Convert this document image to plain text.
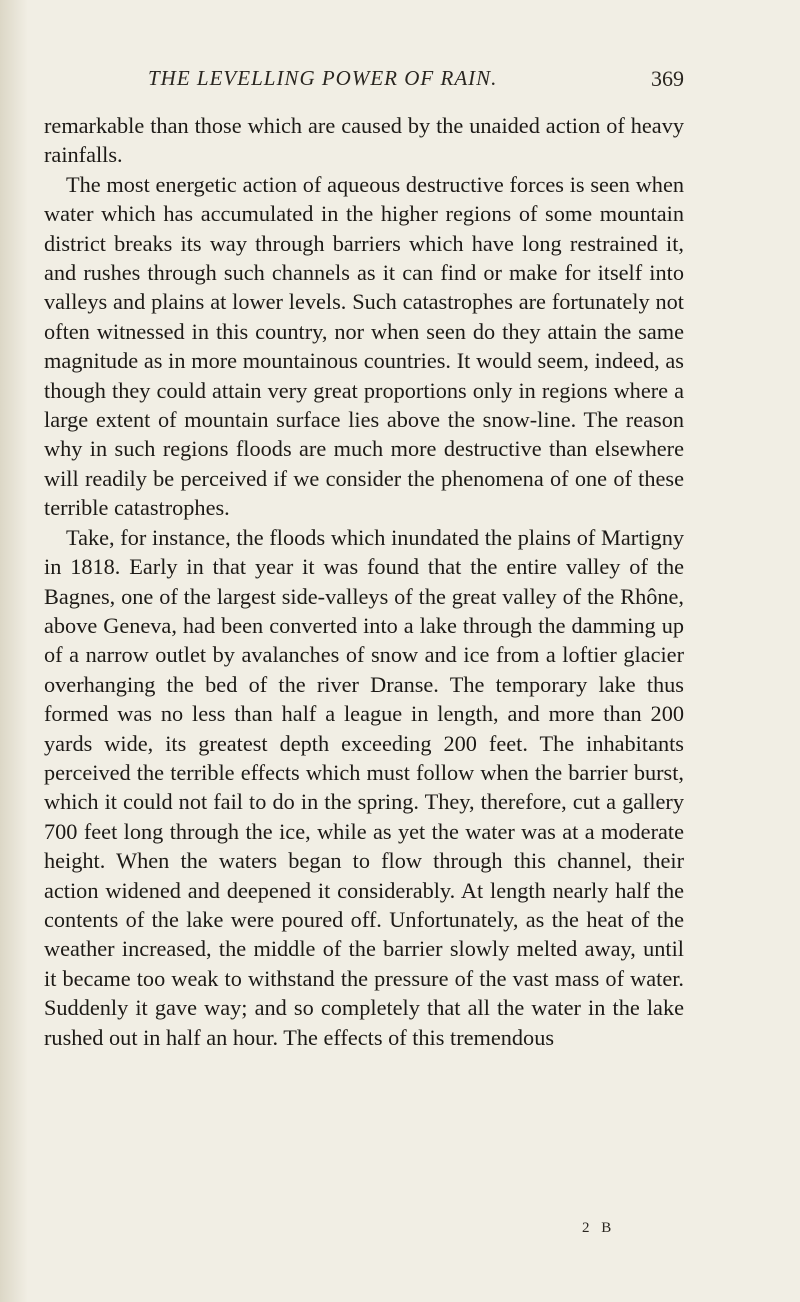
THE LEVELLING POWER OF RAIN.	369

remarkable than those which are caused by the unaided action of heavy rainfalls.

The most energetic action of aqueous destructive forces is seen when water which has accumulated in the higher regions of some mountain district breaks its way through barriers which have long restrained it, and rushes through such channels as it can find or make for itself into valleys and plains at lower levels. Such catastrophes are fortunately not often witnessed in this country, nor when seen do they attain the same magnitude as in more mountainous countries. It would seem, indeed, as though they could attain very great proportions only in regions where a large extent of mountain surface lies above the snow-line. The reason why in such regions floods are much more destructive than elsewhere will readily be perceived if we consider the phenomena of one of these terrible catastrophes.

Take, for instance, the floods which inundated the plains of Martigny in 1818. Early in that year it was found that the entire valley of the Bagnes, one of the largest side-valleys of the great valley of the Rhône, above Geneva, had been converted into a lake through the damming up of a narrow outlet by avalanches of snow and ice from a loftier glacier overhanging the bed of the river Dranse. The temporary lake thus formed was no less than half a league in length, and more than 200 yards wide, its greatest depth exceeding 200 feet. The inhabitants perceived the terrible effects which must follow when the barrier burst, which it could not fail to do in the spring. They, therefore, cut a gallery 700 feet long through the ice, while as yet the water was at a moderate height. When the waters began to flow through this channel, their action widened and deepened it considerably. At length nearly half the contents of the lake were poured off. Unfortunately, as the heat of the weather increased, the middle of the barrier slowly melted away, until it became too weak to withstand the pressure of the vast mass of water. Suddenly it gave way; and so completely that all the water in the lake rushed out in half an hour. The effects of this tremendous

2 B
